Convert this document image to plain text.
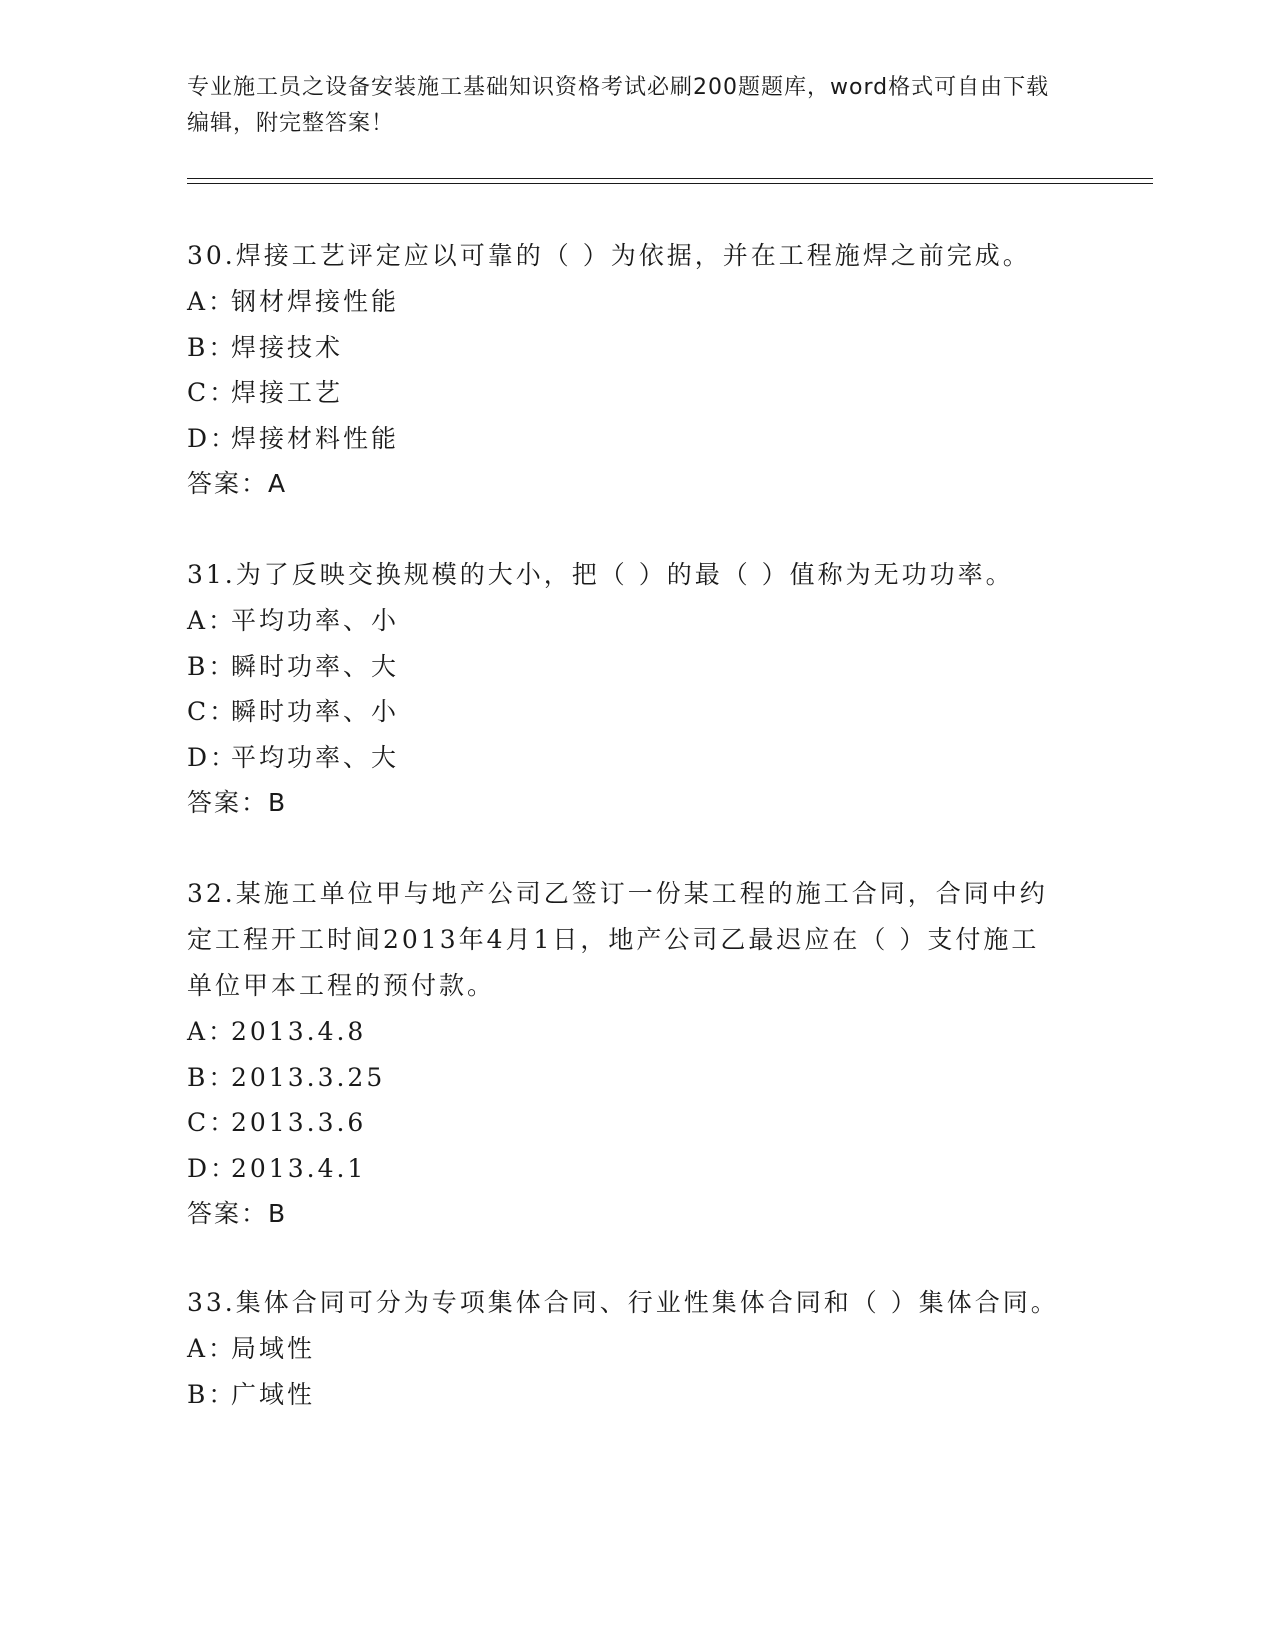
专业施工员之设备安装施工基础知识资格考试必刷200题题库，word格式可自由下载编辑，附完整答案！

30.焊接工艺评定应以可靠的（ ）为依据，并在工程施焊之前完成。

A：钢材焊接性能

B：焊接技术

C：焊接工艺

D：焊接材料性能

答案：A

31.为了反映交换规模的大小，把（ ）的最（ ）值称为无功功率。

A：平均功率、小

B：瞬时功率、大

C：瞬时功率、小

D：平均功率、大

答案：B

32.某施工单位甲与地产公司乙签订一份某工程的施工合同，合同中约定工程开工时间2013年4月1日，地产公司乙最迟应在（ ）支付施工单位甲本工程的预付款。

A：2013.4.8

B：2013.3.25

C：2013.3.6

D：2013.4.1

答案：B

33.集体合同可分为专项集体合同、行业性集体合同和（ ）集体合同。

A：局域性

B：广域性
